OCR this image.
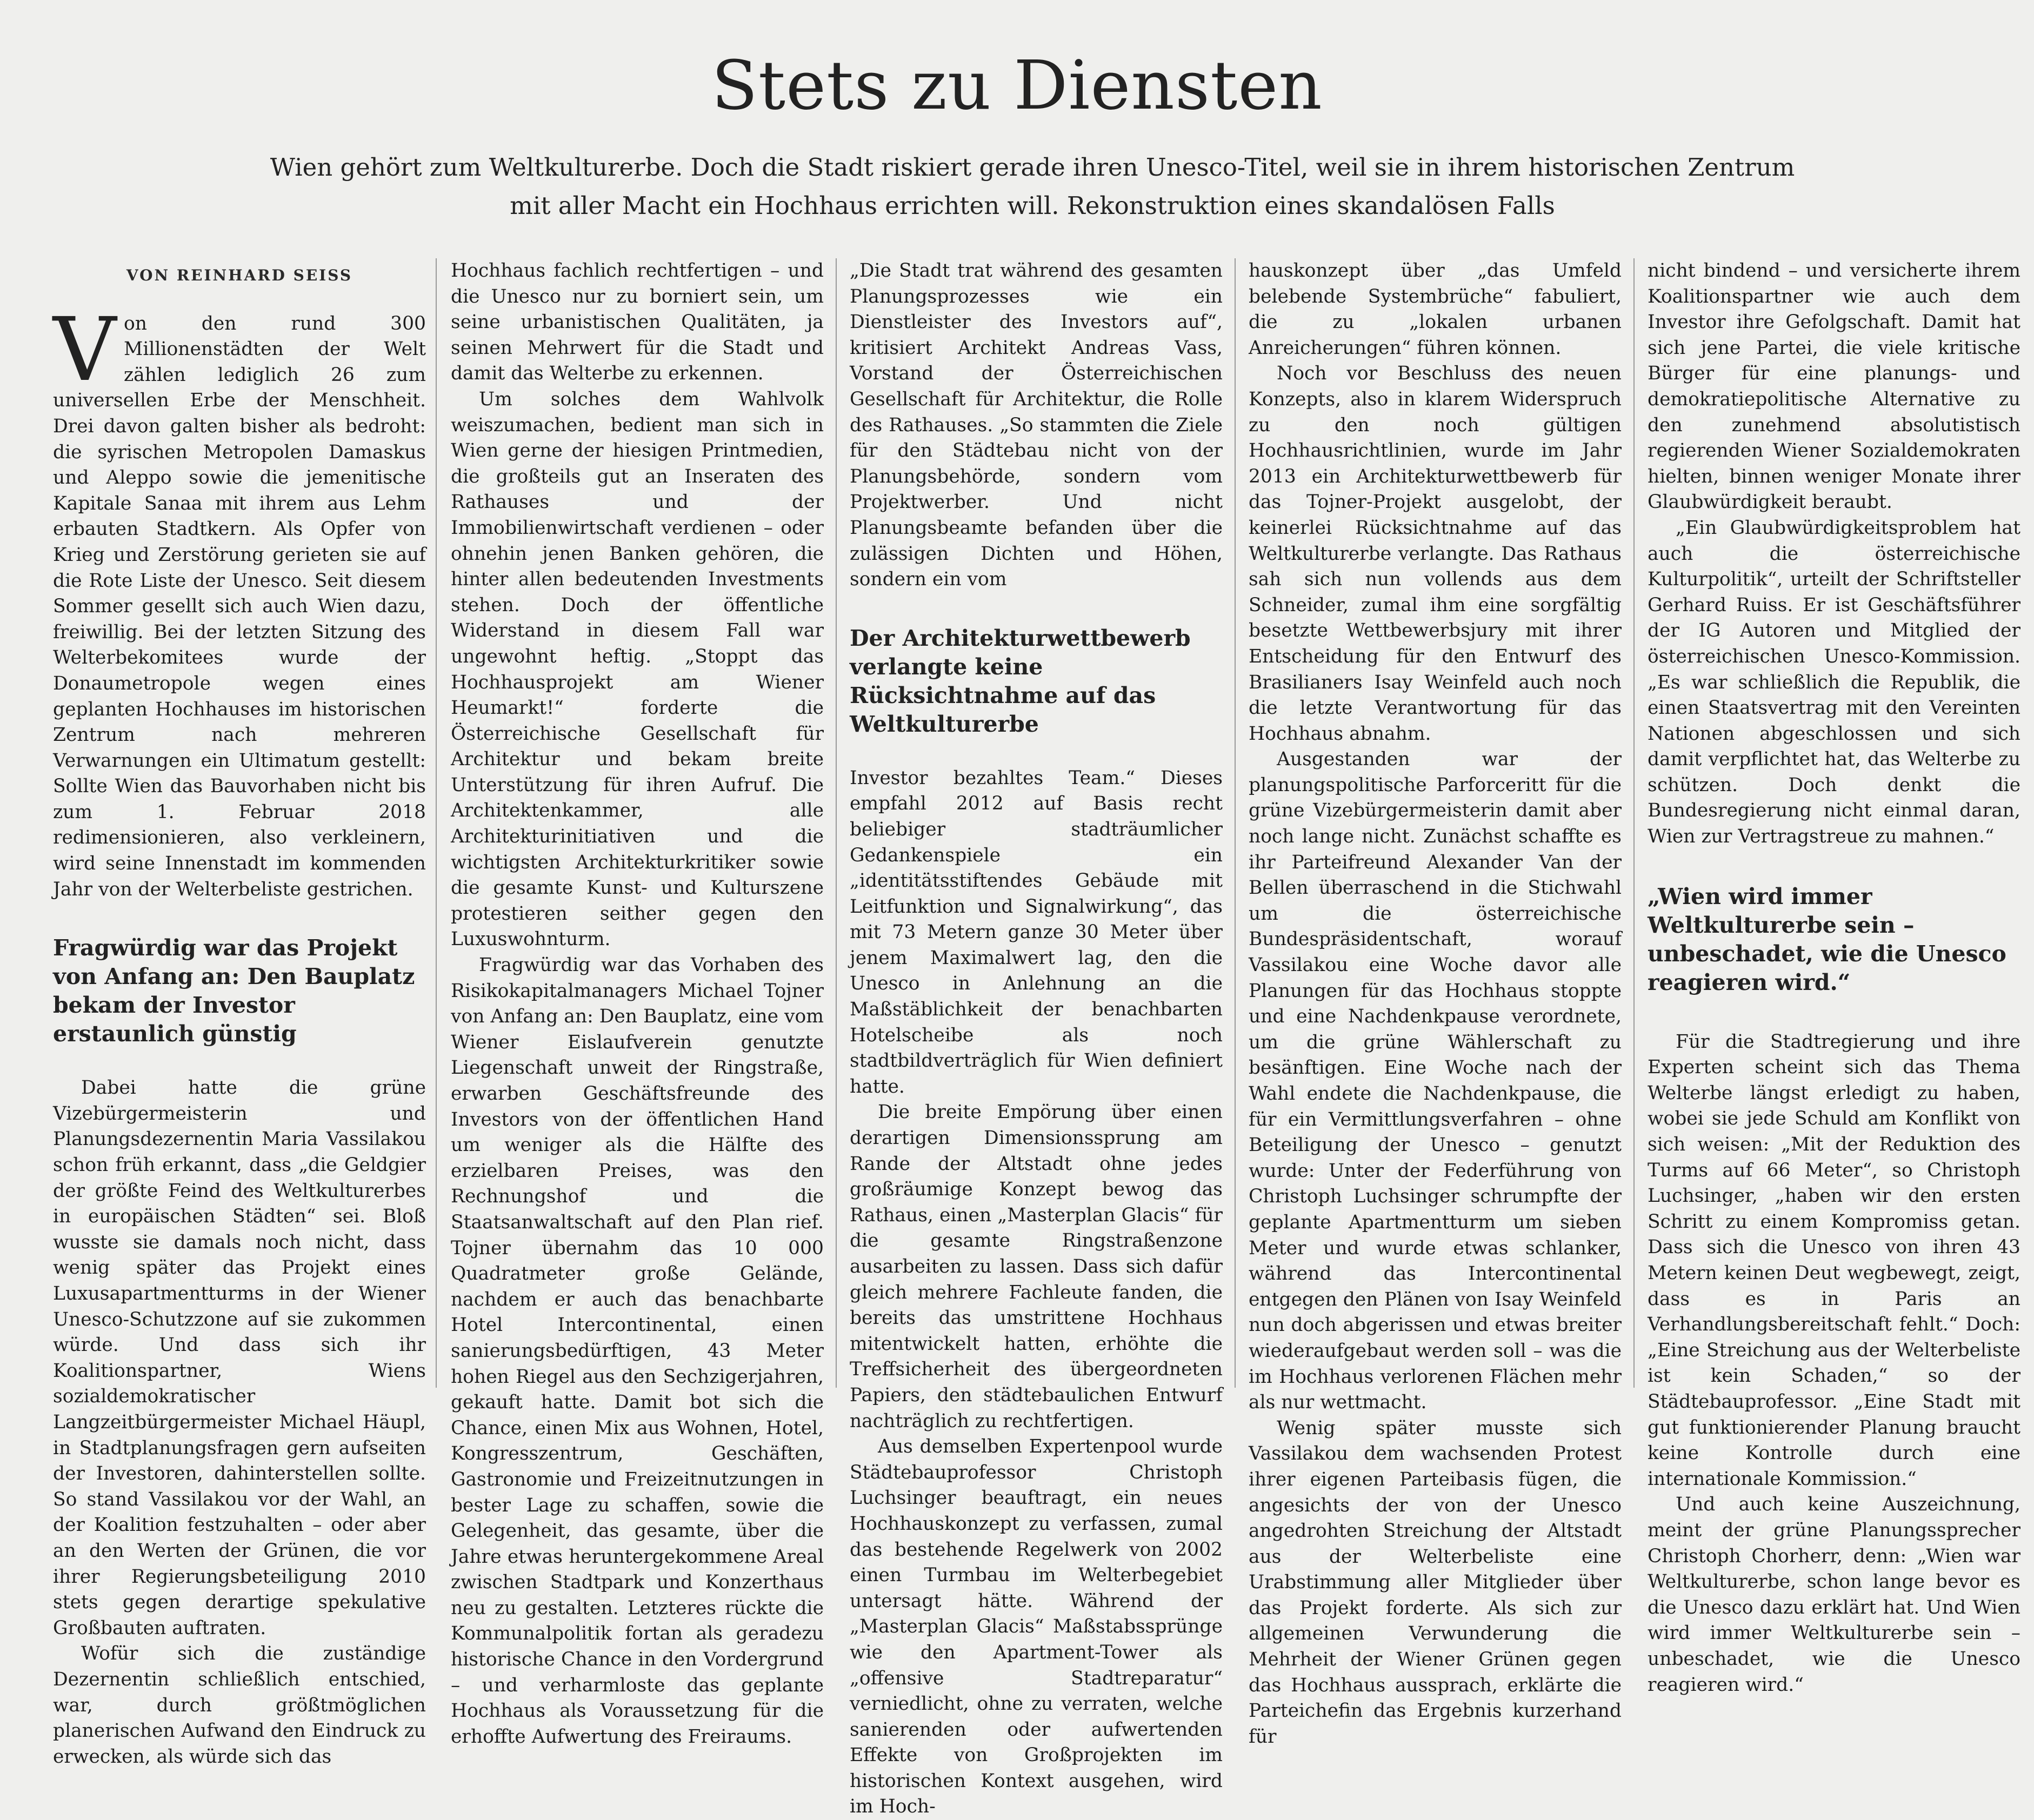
Stets zu Diensten
Wien gehört zum Weltkulturerbe. Doch die Stadt riskiert gerade ihren Unesco-Titel, weil sie in ihrem historischen Zentrum mit aller Macht ein Hochhaus errichten will. Rekonstruktion eines skandalösen Falls
VON REINHARD SEISS

Von den rund 300 Millionenstädten der Welt zählen lediglich 26 zum universellen Erbe der Menschheit. Drei davon galten bisher als bedroht: die syrischen Metropolen Damaskus und Aleppo sowie die jemenitische Kapitale Sanaa mit ihrem aus Lehm erbauten Stadtkern. Als Opfer von Krieg und Zerstörung gerieten sie auf die Rote Liste der Unesco. Seit diesem Sommer gesellt sich auch Wien dazu, freiwillig. Bei der letzten Sitzung des Welterbekomitees wurde der Donaumetropole wegen eines geplanten Hochhauses im historischen Zentrum nach mehreren Verwarnungen ein Ultimatum gestellt: Sollte Wien das Bauvorhaben nicht bis zum 1. Februar 2018 redimensionieren, also verkleinern, wird seine Innenstadt im kommenden Jahr von der Welterbeliste gestrichen.

Fragwürdig war das Projekt von Anfang an: Den Bauplatz bekam der Investor erstaunlich günstig

Dabei hatte die grüne Vizebürgermeisterin und Planungsdezernentin Maria Vassilakou schon früh erkannt, dass „die Geldgier der größte Feind des Weltkulturerbes in europäischen Städten“ sei. Bloß wusste sie damals noch nicht, dass wenig später das Projekt eines Luxusapartmentturms in der Wiener Unesco-Schutzzone auf sie zukommen würde. Und dass sich ihr Koalitionspartner, Wiens sozialdemokratischer Langzeitbürgermeister Michael Häupl, in Stadtplanungsfragen gern aufseiten der Investoren, dahinterstellen sollte. So stand Vassilakou vor der Wahl, an der Koalition festzuhalten – oder aber an den Werten der Grünen, die vor ihrer Regierungsbeteiligung 2010 stets gegen derartige spekulative Großbauten auftraten.

Wofür sich die zuständige Dezernentin schließlich entschied, war, durch größtmöglichen planerischen Aufwand den Eindruck zu erwecken, als würde sich das

Hochhaus fachlich rechtfertigen – und die Unesco nur zu borniert sein, um seine urbanistischen Qualitäten, ja seinen Mehrwert für die Stadt und damit das Welterbe zu erkennen.

Um solches dem Wahlvolk weiszumachen, bedient man sich in Wien gerne der hiesigen Printmedien, die großteils gut an Inseraten des Rathauses und der Immobilienwirtschaft verdienen – oder ohnehin jenen Banken gehören, die hinter allen bedeutenden Investments stehen. Doch der öffentliche Widerstand in diesem Fall war ungewohnt heftig. „Stoppt das Hochhausprojekt am Wiener Heumarkt!“ forderte die Österreichische Gesellschaft für Architektur und bekam breite Unterstützung für ihren Aufruf. Die Architektenkammer, alle Architekturinitiativen und die wichtigsten Architekturkritiker sowie die gesamte Kunst- und Kulturszene protestieren seither gegen den Luxuswohnturm.

Fragwürdig war das Vorhaben des Risikokapitalmanagers Michael Tojner von Anfang an: Den Bauplatz, eine vom Wiener Eislaufverein genutzte Liegenschaft unweit der Ringstraße, erwarben Geschäftsfreunde des Investors von der öffentlichen Hand um weniger als die Hälfte des erzielbaren Preises, was den Rechnungshof und die Staatsanwaltschaft auf den Plan rief. Tojner übernahm das 10 000 Quadratmeter große Gelände, nachdem er auch das benachbarte Hotel Intercontinental, einen sanierungsbedürftigen, 43 Meter hohen Riegel aus den Sechzigerjahren, gekauft hatte. Damit bot sich die Chance, einen Mix aus Wohnen, Hotel, Kongresszentrum, Geschäften, Gastronomie und Freizeitnutzungen in bester Lage zu schaffen, sowie die Gelegenheit, das gesamte, über die Jahre etwas heruntergekommene Areal zwischen Stadtpark und Konzerthaus neu zu gestalten. Letzteres rückte die Kommunalpolitik fortan als geradezu historische Chance in den Vordergrund – und verharmloste das geplante Hochhaus als Voraussetzung für die erhoffte Aufwertung des Freiraums.

„Die Stadt trat während des gesamten Planungsprozesses wie ein Dienstleister des Investors auf“, kritisiert Architekt Andreas Vass, Vorstand der Österreichischen Gesellschaft für Architektur, die Rolle des Rathauses. „So stammten die Ziele für den Städtebau nicht von der Planungsbehörde, sondern vom Projektwerber. Und nicht Planungsbeamte befanden über die zulässigen Dichten und Höhen, sondern ein vom

Der Architekturwettbewerb verlangte keine Rücksichtnahme auf das Weltkulturerbe

Investor bezahltes Team.“ Dieses empfahl 2012 auf Basis recht beliebiger stadträumlicher Gedankenspiele ein „identitätsstiftendes Gebäude mit Leitfunktion und Signalwirkung“, das mit 73 Metern ganze 30 Meter über jenem Maximalwert lag, den die Unesco in Anlehnung an die Maßstäblichkeit der benachbarten Hotelscheibe als noch stadtbildverträglich für Wien definiert hatte.

Die breite Empörung über einen derartigen Dimensionssprung am Rande der Altstadt ohne jedes großräumige Konzept bewog das Rathaus, einen „Masterplan Glacis“ für die gesamte Ringstraßenzone ausarbeiten zu lassen. Dass sich dafür gleich mehrere Fachleute fanden, die bereits das umstrittene Hochhaus mitentwickelt hatten, erhöhte die Treffsicherheit des übergeordneten Papiers, den städtebaulichen Entwurf nachträglich zu rechtfertigen.

Aus demselben Expertenpool wurde Städtebauprofessor Christoph Luchsinger beauftragt, ein neues Hochhauskonzept zu verfassen, zumal das bestehende Regelwerk von 2002 einen Turmbau im Welterbegebiet untersagt hätte. Während der „Masterplan Glacis“ Maßstabssprünge wie den Apartment-Tower als „offensive Stadtreparatur“ verniedlicht, ohne zu verraten, welche sanierenden oder aufwertenden Effekte von Großprojekten im historischen Kontext ausgehen, wird im Hoch-

hauskonzept über „das Umfeld belebende Systembrüche“ fabuliert, die zu „lokalen urbanen Anreicherungen“ führen können.

Noch vor Beschluss des neuen Konzepts, also in klarem Widerspruch zu den noch gültigen Hochhausrichtlinien, wurde im Jahr 2013 ein Architekturwettbewerb für das Tojner-Projekt ausgelobt, der keinerlei Rücksichtnahme auf das Weltkulturerbe verlangte. Das Rathaus sah sich nun vollends aus dem Schneider, zumal ihm eine sorgfältig besetzte Wettbewerbsjury mit ihrer Entscheidung für den Entwurf des Brasilianers Isay Weinfeld auch noch die letzte Verantwortung für das Hochhaus abnahm.

Ausgestanden war der planungspolitische Parforceritt für die grüne Vizebürgermeisterin damit aber noch lange nicht. Zunächst schaffte es ihr Parteifreund Alexander Van der Bellen überraschend in die Stichwahl um die österreichische Bundespräsidentschaft, worauf Vassilakou eine Woche davor alle Planungen für das Hochhaus stoppte und eine Nachdenkpause verordnete, um die grüne Wählerschaft zu besänftigen. Eine Woche nach der Wahl endete die Nachdenkpause, die für ein Vermittlungsverfahren – ohne Beteiligung der Unesco – genutzt wurde: Unter der Federführung von Christoph Luchsinger schrumpfte der geplante Apartmentturm um sieben Meter und wurde etwas schlanker, während das Intercontinental entgegen den Plänen von Isay Weinfeld nun doch abgerissen und etwas breiter wiederaufgebaut werden soll – was die im Hochhaus verlorenen Flächen mehr als nur wettmacht.

Wenig später musste sich Vassilakou dem wachsenden Protest ihrer eigenen Parteibasis fügen, die angesichts der von der Unesco angedrohten Streichung der Altstadt aus der Welterbeliste eine Urabstimmung aller Mitglieder über das Projekt forderte. Als sich zur allgemeinen Verwunderung die Mehrheit der Wiener Grünen gegen das Hochhaus aussprach, erklärte die Parteichefin das Ergebnis kurzerhand für

nicht bindend – und versicherte ihrem Koalitionspartner wie auch dem Investor ihre Gefolgschaft. Damit hat sich jene Partei, die viele kritische Bürger für eine planungs- und demokratiepolitische Alternative zu den zunehmend absolutistisch regierenden Wiener Sozialdemokraten hielten, binnen weniger Monate ihrer Glaubwürdigkeit beraubt.

„Ein Glaubwürdigkeitsproblem hat auch die österreichische Kulturpolitik“, urteilt der Schriftsteller Gerhard Ruiss. Er ist Geschäftsführer der IG Autoren und Mitglied der österreichischen Unesco-Kommission. „Es war schließlich die Republik, die einen Staatsvertrag mit den Vereinten Nationen abgeschlossen und sich damit verpflichtet hat, das Welterbe zu schützen. Doch denkt die Bundesregierung nicht einmal daran, Wien zur Vertragstreue zu mahnen.“

„Wien wird immer Weltkulturerbe sein – unbeschadet, wie die Unesco reagieren wird.“

Für die Stadtregierung und ihre Experten scheint sich das Thema Welterbe längst erledigt zu haben, wobei sie jede Schuld am Konflikt von sich weisen: „Mit der Reduktion des Turms auf 66 Meter“, so Christoph Luchsinger, „haben wir den ersten Schritt zu einem Kompromiss getan. Dass sich die Unesco von ihren 43 Metern keinen Deut wegbewegt, zeigt, dass es in Paris an Verhandlungsbereitschaft fehlt.“ Doch: „Eine Streichung aus der Welterbeliste ist kein Schaden,“ so der Städtebauprofessor. „Eine Stadt mit gut funktionierender Planung braucht keine Kontrolle durch eine internationale Kommission.“

Und auch keine Auszeichnung, meint der grüne Planungssprecher Christoph Chorherr, denn: „Wien war Weltkulturerbe, schon lange bevor es die Unesco dazu erklärt hat. Und Wien wird immer Weltkulturerbe sein – unbeschadet, wie die Unesco reagieren wird.“
